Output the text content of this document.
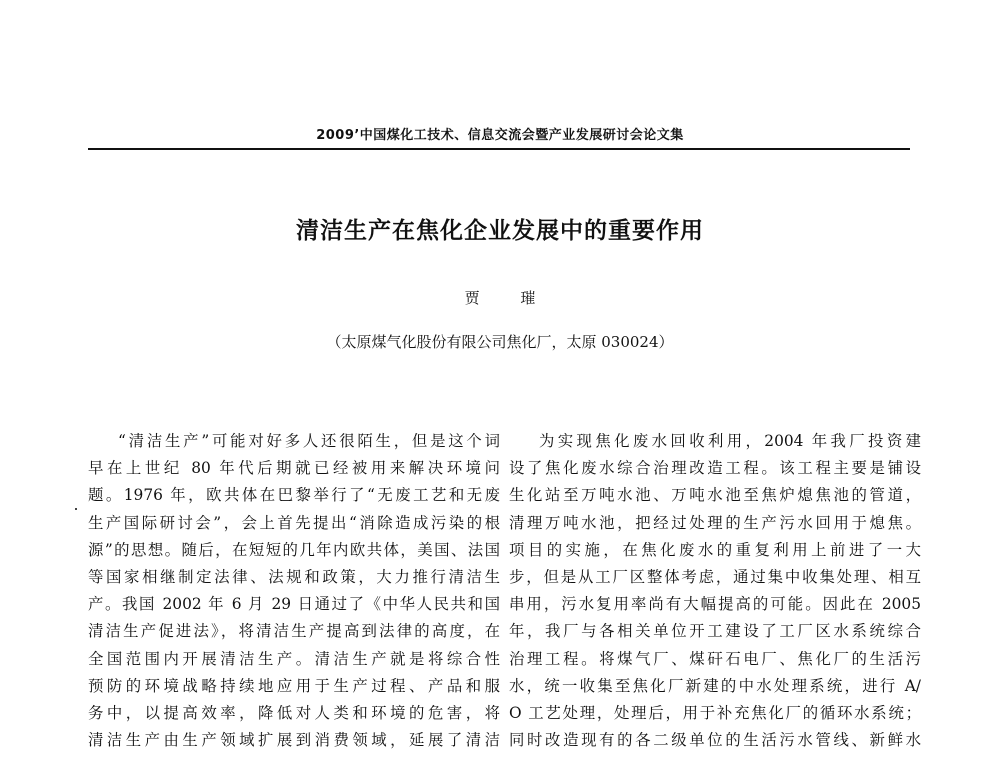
2009’中国煤化工技术、信息交流会暨产业发展研讨会论文集
清洁生产在焦化企业发展中的重要作用
贾 璀
（太原煤气化股份有限公司焦化厂，太原 030024）
“清洁生产”可能对好多人还很陌生，但是这个词
早在上世纪 80 年代后期就已经被用来解决环境问
题。1976 年，欧共体在巴黎举行了“无废工艺和无废
生产国际研讨会”，会上首先提出“消除造成污染的根
源”的思想。随后，在短短的几年内欧共体，美国、法国
等国家相继制定法律、法规和政策，大力推行清洁生
产。我国 2002 年 6 月 29 日通过了《中华人民共和国
清洁生产促进法》，将清洁生产提高到法律的高度，在
全国范围内开展清洁生产。清洁生产就是将综合性
预防的环境战略持续地应用于生产过程、产品和服
务中，以提高效率，降低对人类和环境的危害，将
清洁生产由生产领域扩展到消费领域，延展了清洁
为实现焦化废水回收利用，2004 年我厂投资建
设了焦化废水综合治理改造工程。该工程主要是铺设
生化站至万吨水池、万吨水池至焦炉熄焦池的管道，
清理万吨水池，把经过处理的生产污水回用于熄焦。
项目的实施，在焦化废水的重复利用上前进了一大
步，但是从工厂区整体考虑，通过集中收集处理、相互
串用，污水复用率尚有大幅提高的可能。因此在 2005
年，我厂与各相关单位开工建设了工厂区水系统综合
治理工程。将煤气厂、煤矸石电厂、焦化厂的生活污
水，统一收集至焦化厂新建的中水处理系统，进行 A/
O 工艺处理，处理后，用于补充焦化厂的循环水系统；
同时改造现有的各二级单位的生活污水管线、新鲜水
